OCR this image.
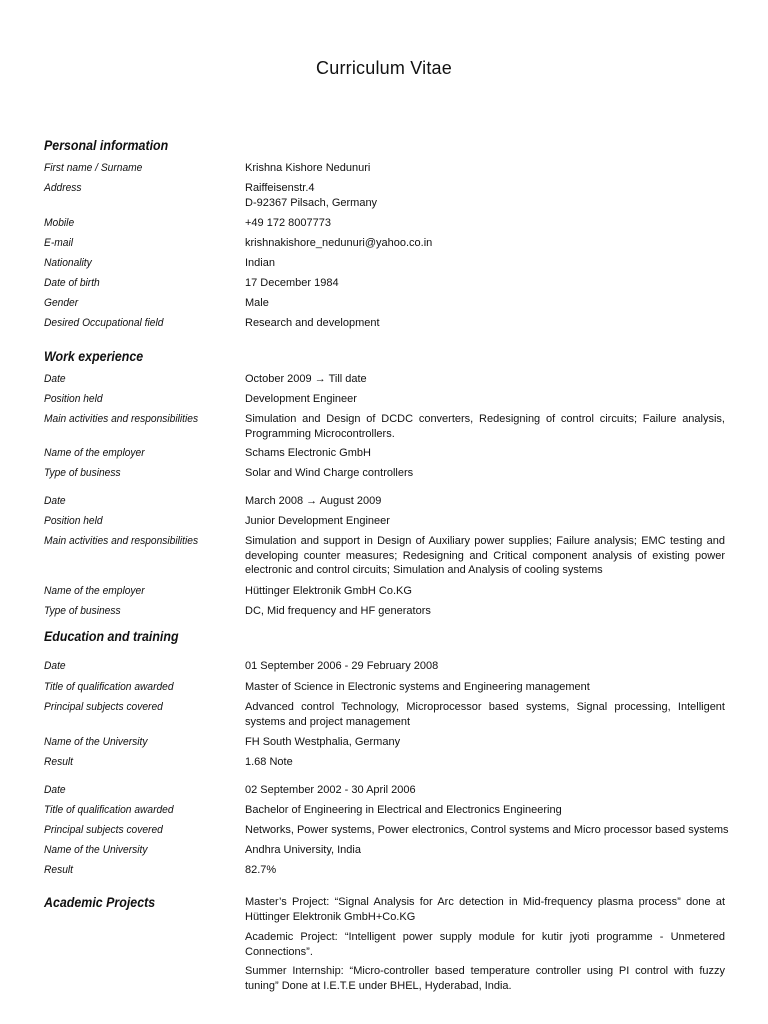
Curriculum Vitae
Personal information
First name / Surname	Krishna Kishore Nedunuri
Address	Raiffeisenstr.4
D-92367 Pilsach, Germany
Mobile	+49 172 8007773
E-mail	krishnakishore_nedunuri@yahoo.co.in
Nationality	Indian
Date of birth	17 December 1984
Gender	Male
Desired Occupational field	Research and development
Work experience
Date	October 2009 → Till date
Position held	Development Engineer
Main activities and responsibilities	Simulation and Design of DCDC converters, Redesigning of control circuits; Failure analysis, Programming Microcontrollers.
Name of the employer	Schams Electronic GmbH
Type of business	Solar and Wind Charge controllers
Date	March 2008 → August 2009
Position held	Junior Development Engineer
Main activities and responsibilities	Simulation and support in Design of Auxiliary power supplies; Failure analysis; EMC testing and developing counter measures; Redesigning and Critical component analysis of existing power electronic and control circuits; Simulation and Analysis of cooling systems
Name of the employer	Hüttinger Elektronik GmbH Co.KG
Type of business	DC, Mid frequency and HF generators
Education and training
Date	01 September 2006 - 29 February 2008
Title of qualification awarded	Master of Science in Electronic systems and Engineering management
Principal subjects covered	Advanced control Technology, Microprocessor based systems, Signal processing, Intelligent systems and project management
Name of the University	FH South Westphalia, Germany
Result	1.68 Note
Date	02 September 2002 - 30 April 2006
Title of qualification awarded	Bachelor of Engineering in Electrical and Electronics Engineering
Principal subjects covered	Networks, Power systems, Power electronics, Control systems and Micro processor based systems
Name of the University	Andhra University, India
Result	82.7%
Academic Projects	Master’s Project: “Signal Analysis for Arc detection in Mid-frequency plasma process” done at Hüttinger Elektronik GmbH+Co.KG
Academic Project: “Intelligent power supply module for kutir jyoti programme - Unmetered Connections”.
Summer Internship: “Micro-controller based temperature controller using PI control with fuzzy tuning” Done at I.E.T.E under BHEL, Hyderabad, India.
